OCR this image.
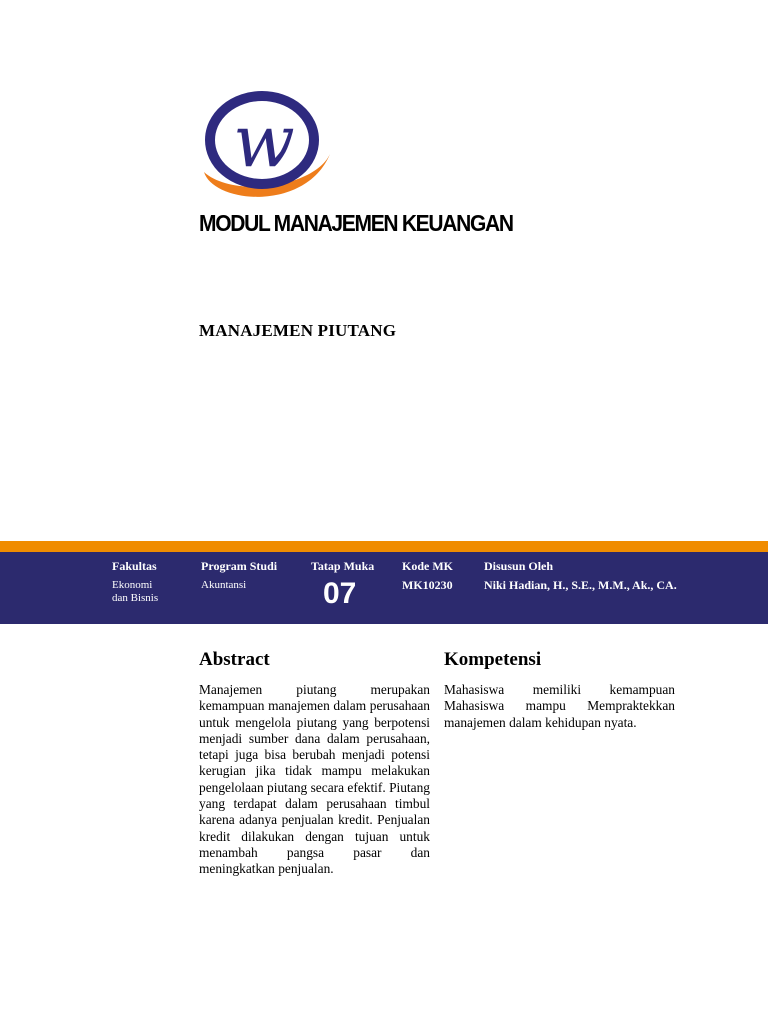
w
MODUL MANAJEMEN KEUANGAN
MANAJEMEN PIUTANG
Fakultas
Ekonomi
dan Bisnis
Program Studi
Akuntansi
Tatap Muka
07
Kode MK
MK10230
Disusun Oleh
Niki Hadian, H., S.E., M.M., Ak., CA.
Abstract

Manajemen piutang merupakan kemampuan manajemen dalam perusahaan untuk mengelola piutang yang berpotensi menjadi sumber dana dalam perusahaan, tetapi juga bisa berubah menjadi potensi kerugian jika tidak mampu melakukan pengelolaan piutang secara efektif. Piutang yang terdapat dalam perusahaan timbul karena adanya penjualan kredit. Penjualan kredit dilakukan dengan tujuan untuk menambah pangsa pasar dan meningkatkan penjualan.

Kompetensi

Mahasiswa memiliki kemampuan Mahasiswa mampu Mempraktekkan manajemen dalam kehidupan nyata.
